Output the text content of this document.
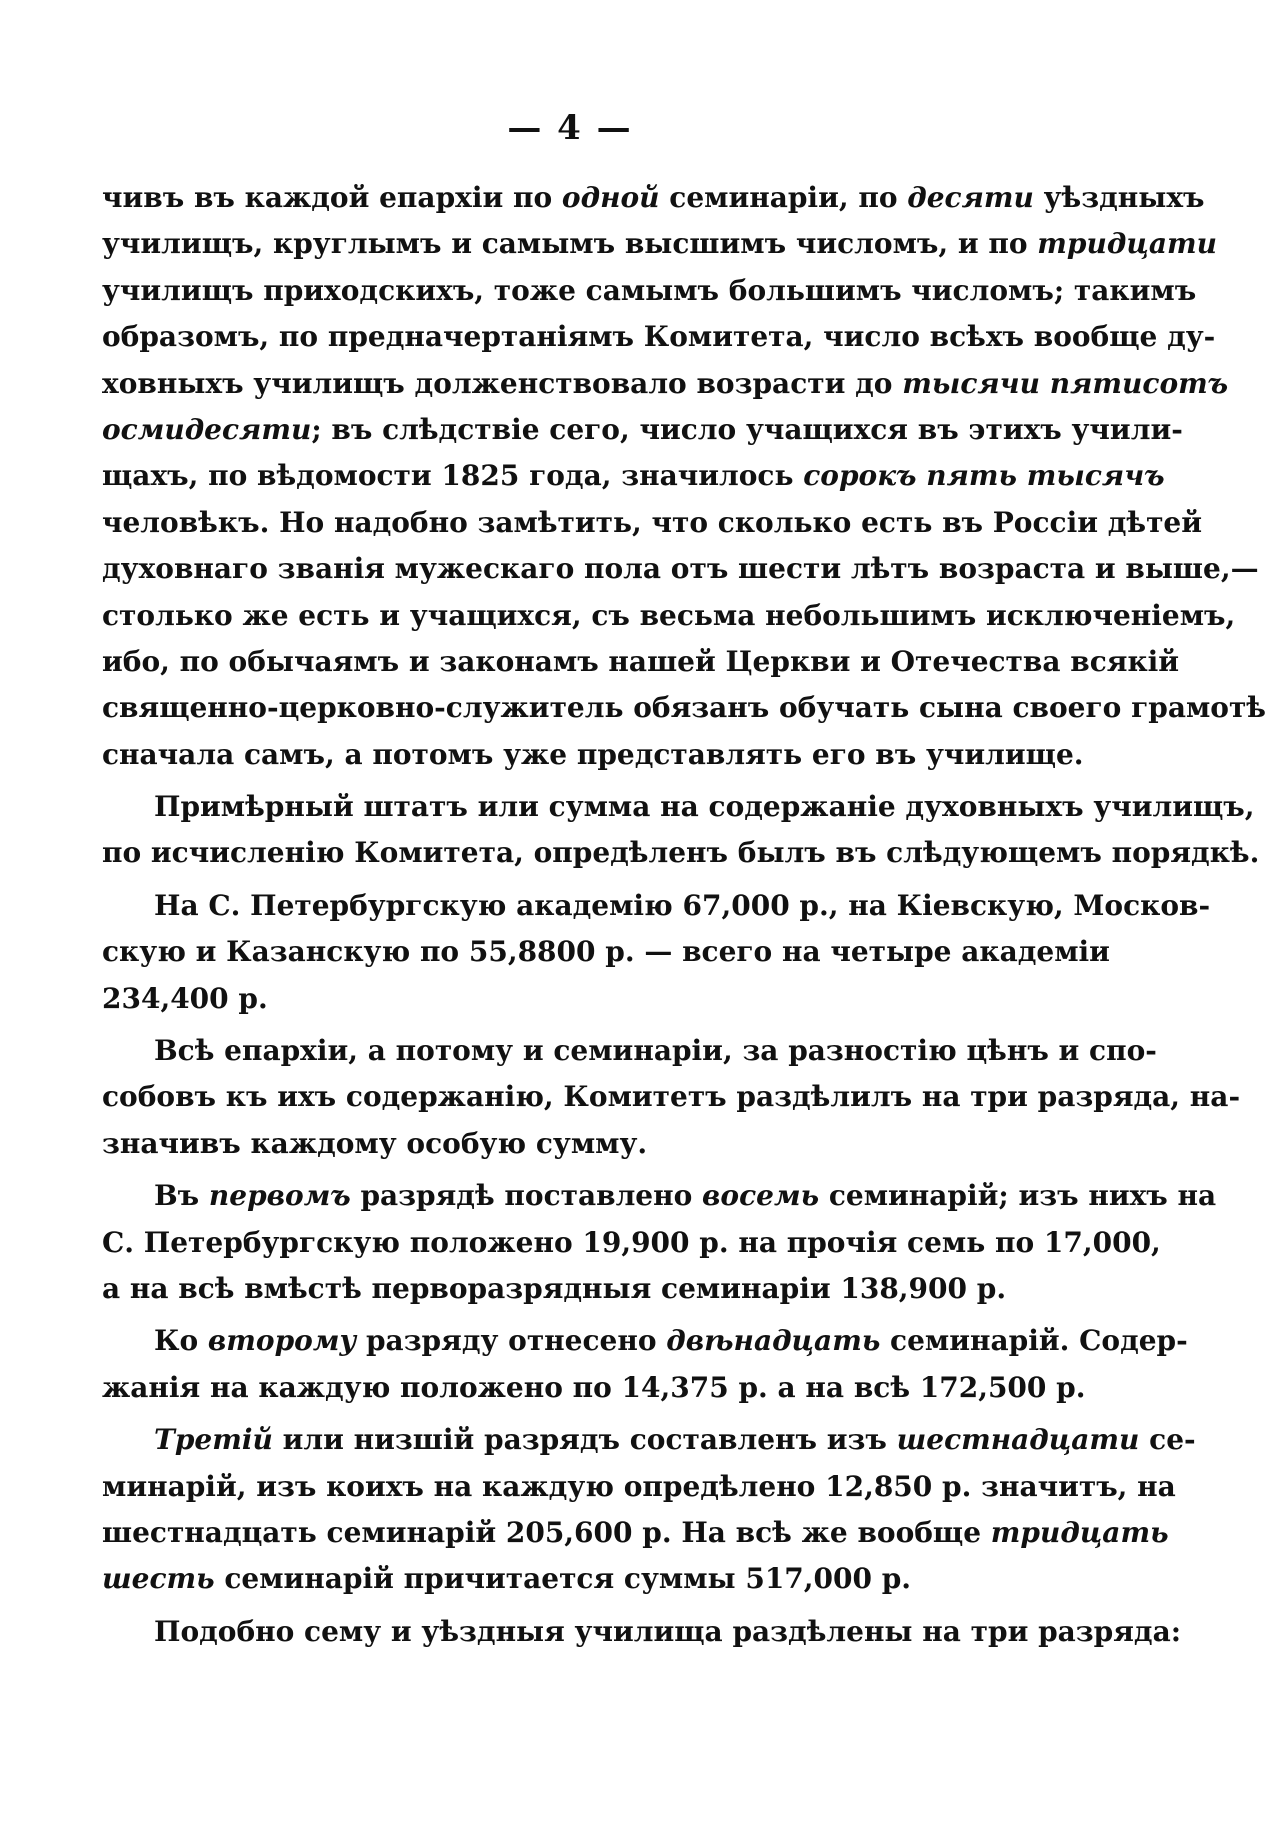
— 4 —
чивъ въ каждой епархіи по одной семинаріи, по десяти уѣздныхъ
училищъ, круглымъ и самымъ высшимъ числомъ, и по тридцати
училищъ приходскихъ, тоже самымъ большимъ числомъ; такимъ
образомъ, по предначертаніямъ Комитета, число всѣхъ вообще ду-
ховныхъ училищъ долженствовало возрасти до тысячи пятисотъ
осмидесяти; въ слѣдствіе сего, число учащихся въ этихъ учили-
щахъ, по вѣдомости 1825 года, значилось сорокъ пять тысячъ
человѣкъ. Но надобно замѣтить, что сколько есть въ Россіи дѣтей
духовнаго званія мужескаго пола отъ шести лѣтъ возраста и выше,—
столько же есть и учащихся, съ весьма небольшимъ исключеніемъ,
ибо, по обычаямъ и законамъ нашей Церкви и Отечества всякій
священно-церковно-служитель обязанъ обучать сына своего грамотѣ
сначала самъ, а потомъ уже представлять его въ училище.
Примѣрный штатъ или сумма на содержаніе духовныхъ училищъ,
по исчисленію Комитета, опредѣленъ былъ въ слѣдующемъ порядкѣ.
На С. Петербургскую академію 67,000 р., на Кіевскую, Москов-
скую и Казанскую по 55,8800 р. — всего на четыре академіи
234,400 р.
Всѣ епархіи, а потому и семинаріи, за разностію цѣнъ и спо-
собовъ къ ихъ содержанію, Комитетъ раздѣлилъ на три разряда, на-
значивъ каждому особую сумму.
Въ первомъ разрядѣ поставлено восемь семинарій; изъ нихъ на
С. Петербургскую положено 19,900 р. на прочія семь по 17,000,
а на всѣ вмѣстѣ перворазрядныя семинаріи 138,900 р.
Ко второму разряду отнесено двѣнадцать семинарій. Содер-
жанія на каждую положено по 14,375 р. а на всѣ 172,500 р.
Третій или низшій разрядъ составленъ изъ шестнадцати се-
минарій, изъ коихъ на каждую опредѣлено 12,850 р. значитъ, на
шестнадцать семинарій 205,600 р. На всѣ же вообще тридцать
шесть семинарій причитается суммы 517,000 р.
Подобно сему и уѣздныя училища раздѣлены на три разряда:
